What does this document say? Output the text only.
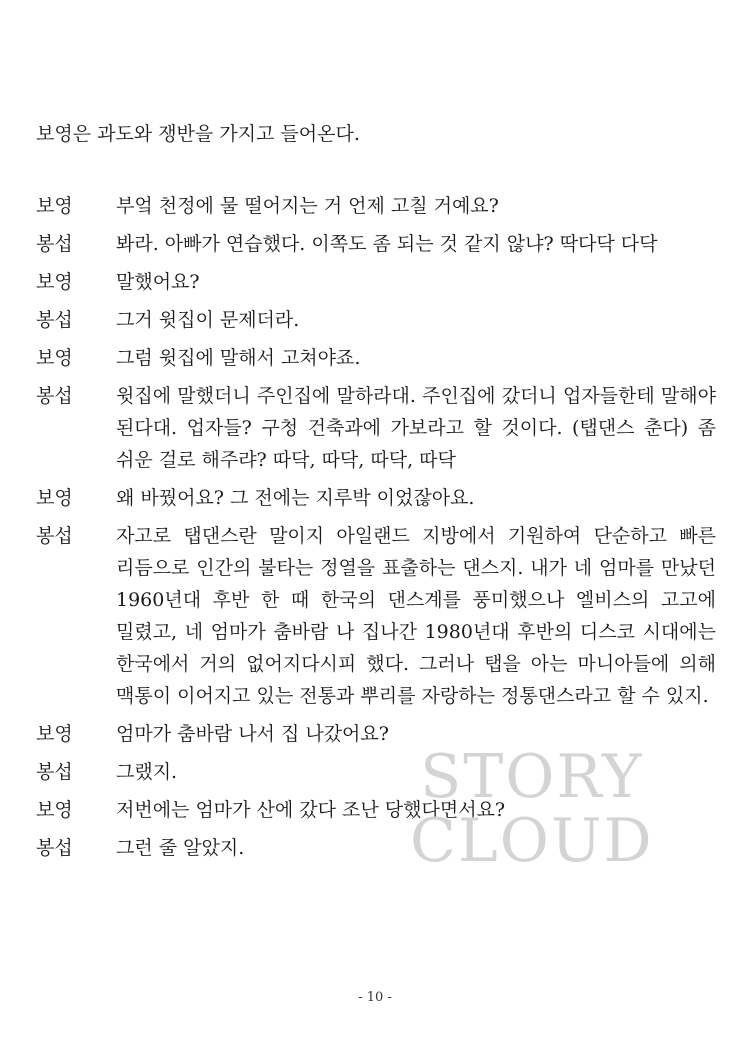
보영은 과도와 쟁반을 가지고 들어온다.
보영	부엌 천정에 물 떨어지는 거 언제 고칠 거예요?
봉섭	봐라. 아빠가 연습했다. 이쪽도 좀 되는 것 같지 않냐? 딱다닥 다닥
보영	말했어요?
봉섭	그거 윗집이 문제더라.
보영	그럼 윗집에 말해서 고쳐야죠.
봉섭	윗집에 말했더니 주인집에 말하라대. 주인집에 갔더니 업자들한테 말해야 된다대. 업자들? 구청 건축과에 가보라고 할 것이다. (탭댄스 춘다) 좀 쉬운 걸로 해주랴? 따닥, 따닥, 따닥, 따닥
보영	왜 바꿨어요? 그 전에는 지루박 이었잖아요.
봉섭	자고로 탭댄스란 말이지 아일랜드 지방에서 기원하여 단순하고 빠른 리듬으로 인간의 불타는 정열을 표출하는 댄스지. 내가 네 엄마를 만났던 1960년대 후반 한 때 한국의 댄스계를 풍미했으나 엘비스의 고고에 밀렸고, 네 엄마가 춤바람 나 집나간 1980년대 후반의 디스코 시대에는 한국에서 거의 없어지다시피 했다. 그러나 탭을 아는 마니아들에 의해 맥통이 이어지고 있는 전통과 뿌리를 자랑하는 정통댄스라고 할 수 있지.
보영	엄마가 춤바람 나서 집 나갔어요?
봉섭	그랬지.
보영	저번에는 엄마가 산에 갔다 조난 당했다면서요?
봉섭	그런 줄 알았지.
STORY
CLOUD
- 10 -
